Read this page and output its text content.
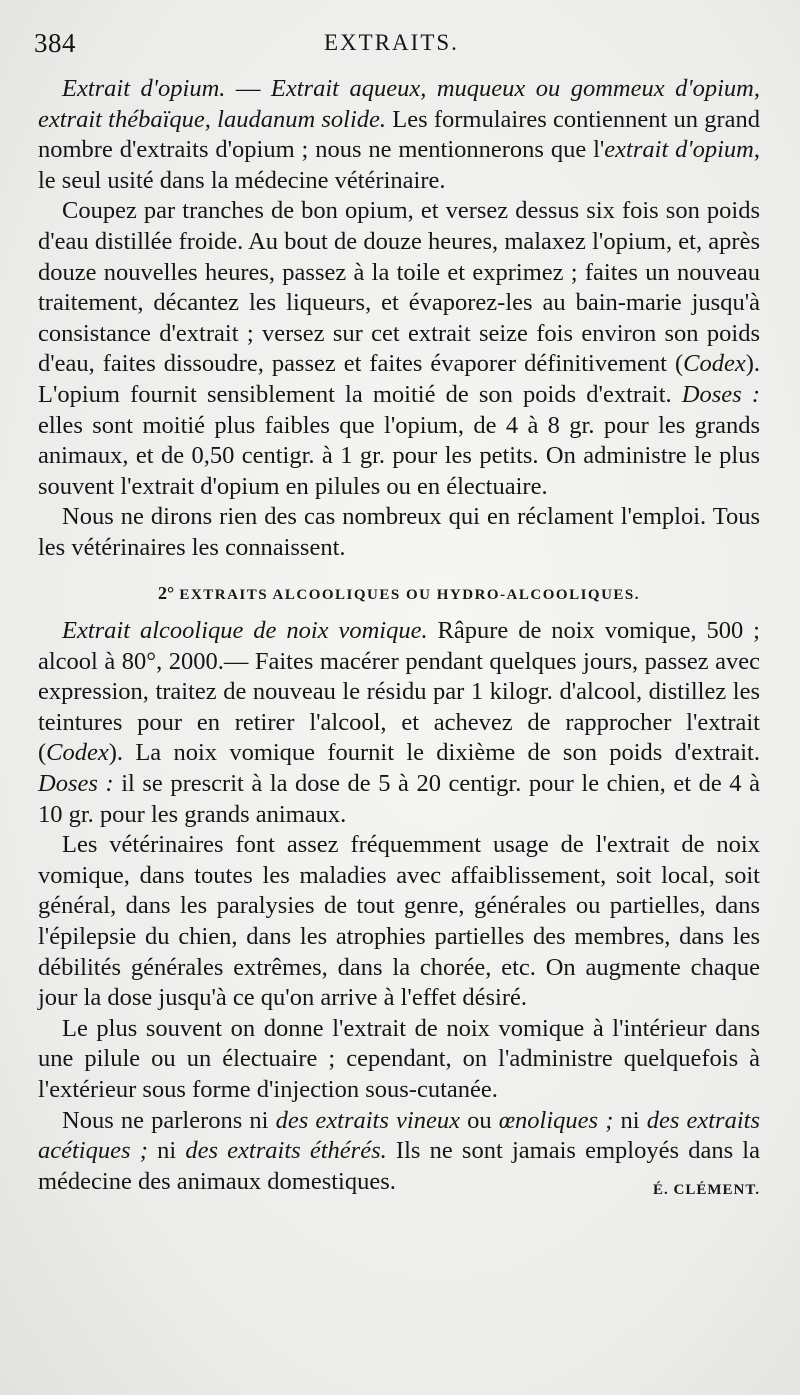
384	EXTRAITS.

Extrait d'opium. — Extrait aqueux, muqueux ou gommeux d'opium, extrait thébaïque, laudanum solide. Les formulaires contiennent un grand nombre d'extraits d'opium ; nous ne mentionnerons que l'extrait d'opium, le seul usité dans la médecine vétérinaire.

Coupez par tranches de bon opium, et versez dessus six fois son poids d'eau distillée froide. Au bout de douze heures, malaxez l'opium, et, après douze nouvelles heures, passez à la toile et exprimez ; faites un nouveau traitement, décantez les liqueurs, et évaporez-les au bain-marie jusqu'à consistance d'extrait ; versez sur cet extrait seize fois environ son poids d'eau, faites dissoudre, passez et faites évaporer définitivement (Codex). L'opium fournit sensiblement la moitié de son poids d'extrait. Doses : elles sont moitié plus faibles que l'opium, de 4 à 8 gr. pour les grands animaux, et de 0,50 centigr. à 1 gr. pour les petits. On administre le plus souvent l'extrait d'opium en pilules ou en électuaire.

Nous ne dirons rien des cas nombreux qui en réclament l'emploi. Tous les vétérinaires les connaissent.

2° EXTRAITS ALCOOLIQUES OU HYDRO-ALCOOLIQUES.

Extrait alcoolique de noix vomique. Râpure de noix vomique, 500 ; alcool à 80°, 2000.— Faites macérer pendant quelques jours, passez avec expression, traitez de nouveau le résidu par 1 kilogr. d'alcool, distillez les teintures pour en retirer l'alcool, et achevez de rapprocher l'extrait (Codex). La noix vomique fournit le dixième de son poids d'extrait. Doses : il se prescrit à la dose de 5 à 20 centigr. pour le chien, et de 4 à 10 gr. pour les grands animaux.

Les vétérinaires font assez fréquemment usage de l'extrait de noix vomique, dans toutes les maladies avec affaiblissement, soit local, soit général, dans les paralysies de tout genre, générales ou partielles, dans l'épilepsie du chien, dans les atrophies partielles des membres, dans les débilités générales extrêmes, dans la chorée, etc. On augmente chaque jour la dose jusqu'à ce qu'on arrive à l'effet désiré.

Le plus souvent on donne l'extrait de noix vomique à l'intérieur dans une pilule ou un électuaire ; cependant, on l'administre quelquefois à l'extérieur sous forme d'injection sous-cutanée.

Nous ne parlerons ni des extraits vineux ou œnoliques ; ni des extraits acétiques ; ni des extraits éthérés. Ils ne sont jamais employés dans la médecine des animaux domestiques.	É. CLÉMENT.
